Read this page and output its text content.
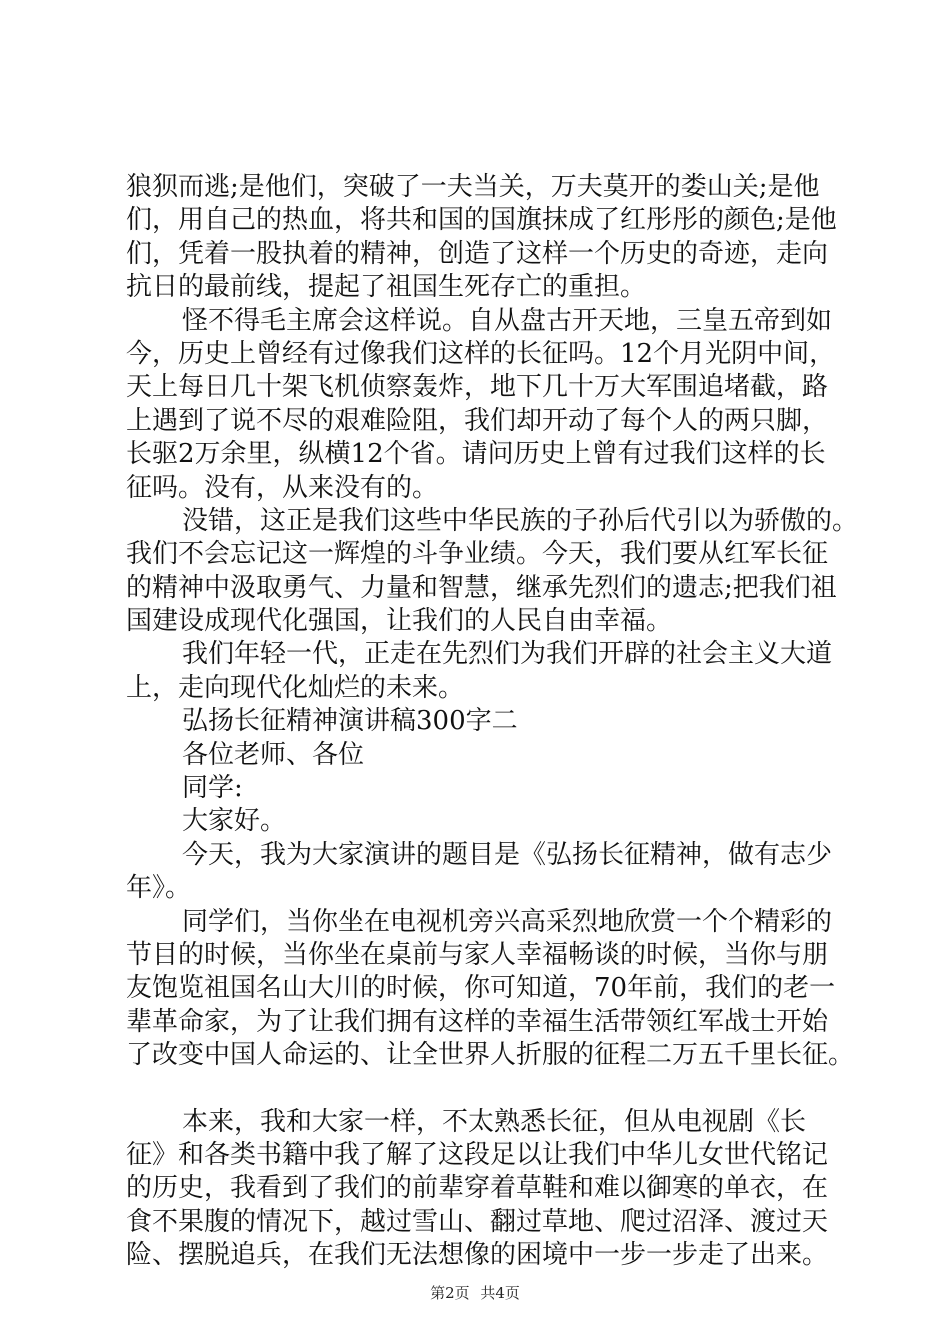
狼狈而逃;是他们，突破了一夫当关，万夫莫开的娄山关;是他
们，用自己的热血，将共和国的国旗抹成了红彤彤的颜色;是他
们，凭着一股执着的精神，创造了这样一个历史的奇迹，走向
抗日的最前线，提起了祖国生死存亡的重担。
怪不得毛主席会这样说。自从盘古开天地，三皇五帝到如
今，历史上曾经有过像我们这样的长征吗。12个月光阴中间，
天上每日几十架飞机侦察轰炸，地下几十万大军围追堵截，路
上遇到了说不尽的艰难险阻，我们却开动了每个人的两只脚，
长驱2万余里，纵横12个省。请问历史上曾有过我们这样的长
征吗。没有，从来没有的。
没错，这正是我们这些中华民族的子孙后代引以为骄傲的。
我们不会忘记这一辉煌的斗争业绩。今天，我们要从红军长征
的精神中汲取勇气、力量和智慧，继承先烈们的遗志;把我们祖
国建设成现代化强国，让我们的人民自由幸福。
我们年轻一代，正走在先烈们为我们开辟的社会主义大道
上，走向现代化灿烂的未来。
弘扬长征精神演讲稿300字二
各位老师、各位
同学:
大家好。
今天，我为大家演讲的题目是《弘扬长征精神，做有志少
年》。
同学们，当你坐在电视机旁兴高采烈地欣赏一个个精彩的
节目的时候，当你坐在桌前与家人幸福畅谈的时候，当你与朋
友饱览祖国名山大川的时候，你可知道，70年前，我们的老一
辈革命家，为了让我们拥有这样的幸福生活带领红军战士开始
了改变中国人命运的、让全世界人折服的征程二万五千里长征。
本来，我和大家一样，不太熟悉长征，但从电视剧《长
征》和各类书籍中我了解了这段足以让我们中华儿女世代铭记
的历史，我看到了我们的前辈穿着草鞋和难以御寒的单衣，在
食不果腹的情况下，越过雪山、翻过草地、爬过沼泽、渡过天
险、摆脱追兵，在我们无法想像的困境中一步一步走了出来。
第2页 共4页
